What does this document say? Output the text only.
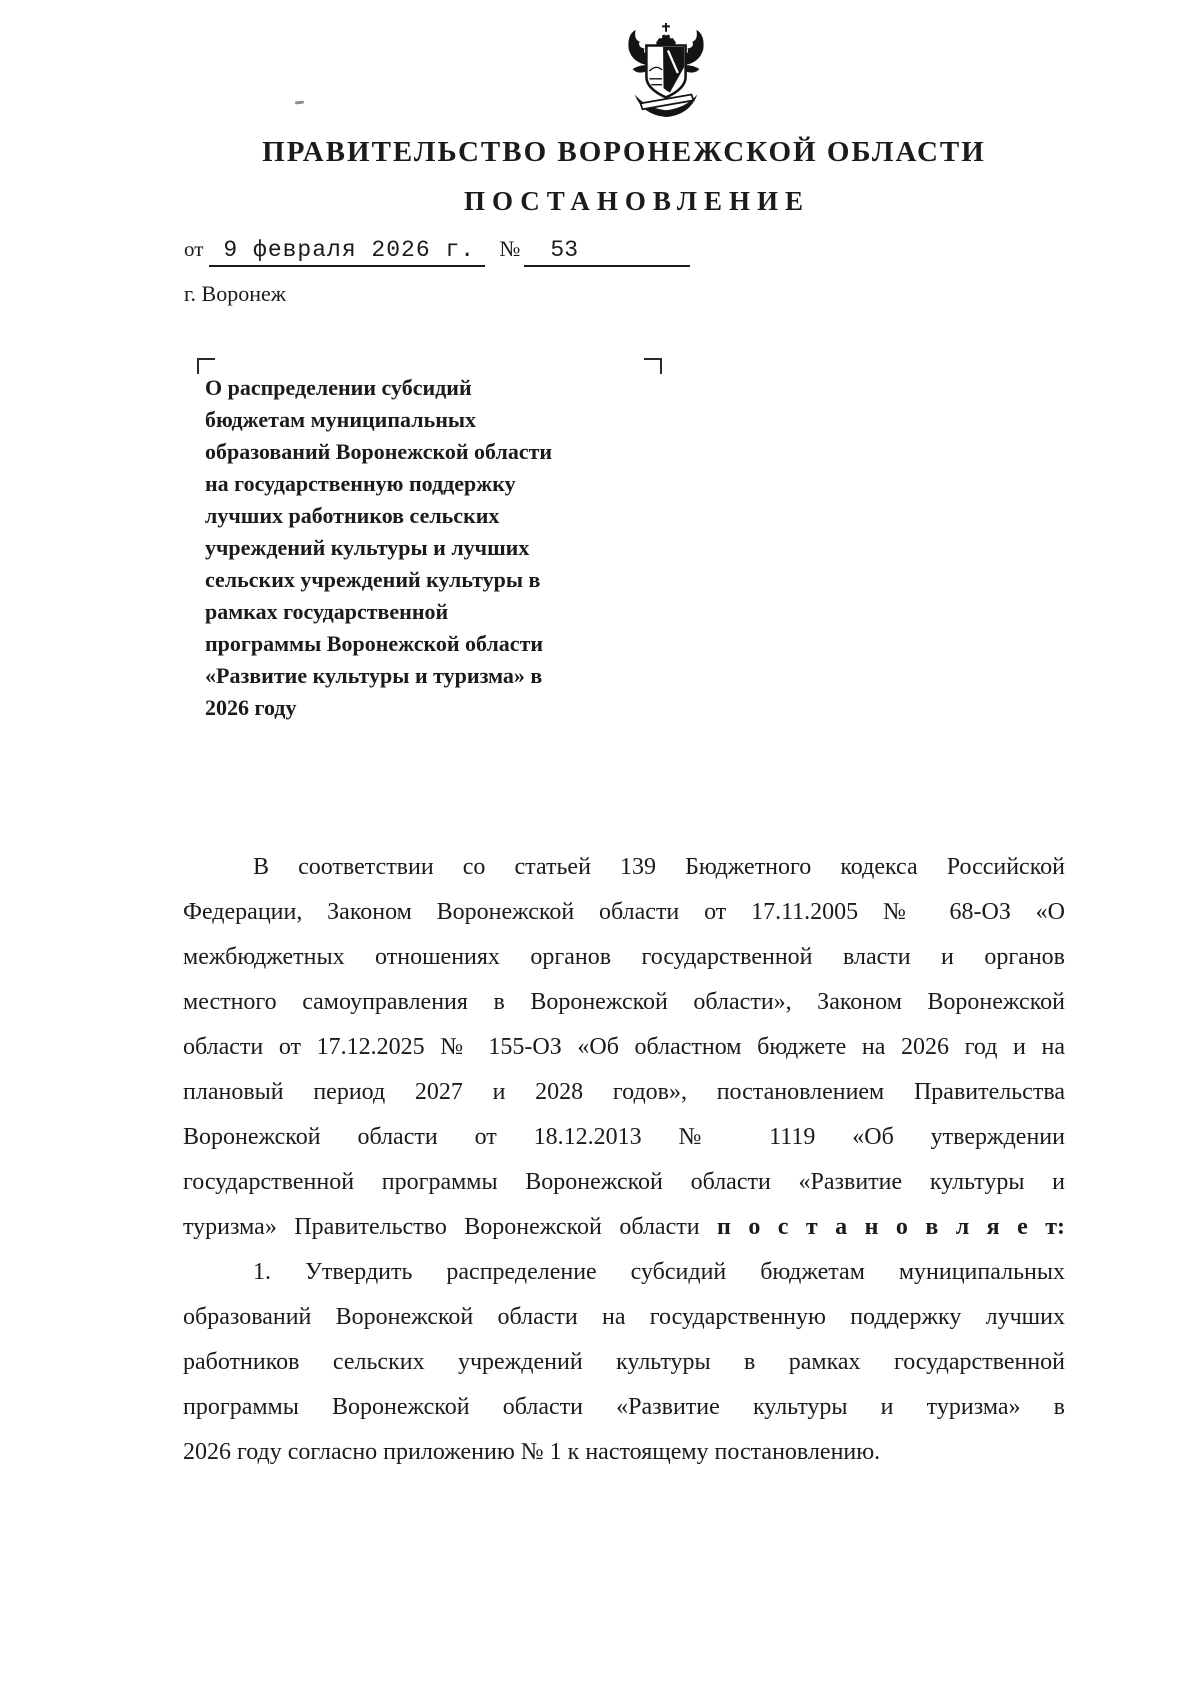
ПРАВИТЕЛЬСТВО ВОРОНЕЖСКОЙ ОБЛАСТИ
ПОСТАНОВЛЕНИЕ
от 9 февраля 2026 г.	№	53
г. Воронеж
О распределении субсидий
бюджетам муниципальных
образований Воронежской области
на государственную поддержку
лучших работников сельских
учреждений культуры и лучших
сельских учреждений культуры в
рамках государственной
программы Воронежской области
«Развитие культуры и туризма» в
2026 году
В соответствии со статьей 139 Бюджетного кодекса Российской
Федерации, Законом Воронежской области от 17.11.2005 № 68-ОЗ «О
межбюджетных отношениях органов государственной власти и органов
местного самоуправления в Воронежской области», Законом Воронежской
области от 17.12.2025 № 155-ОЗ «Об областном бюджете на 2026 год и на
плановый период 2027 и 2028 годов», постановлением Правительства
Воронежской области от 18.12.2013 № 1119 «Об утверждении
государственной программы Воронежской области «Развитие культуры и
туризма» Правительство Воронежской области п о с т а н о в л я е т:
1. Утвердить распределение субсидий бюджетам муниципальных
образований Воронежской области на государственную поддержку лучших
работников сельских учреждений культуры в рамках государственной
программы Воронежской области «Развитие культуры и туризма» в
2026 году согласно приложению № 1 к настоящему постановлению.
